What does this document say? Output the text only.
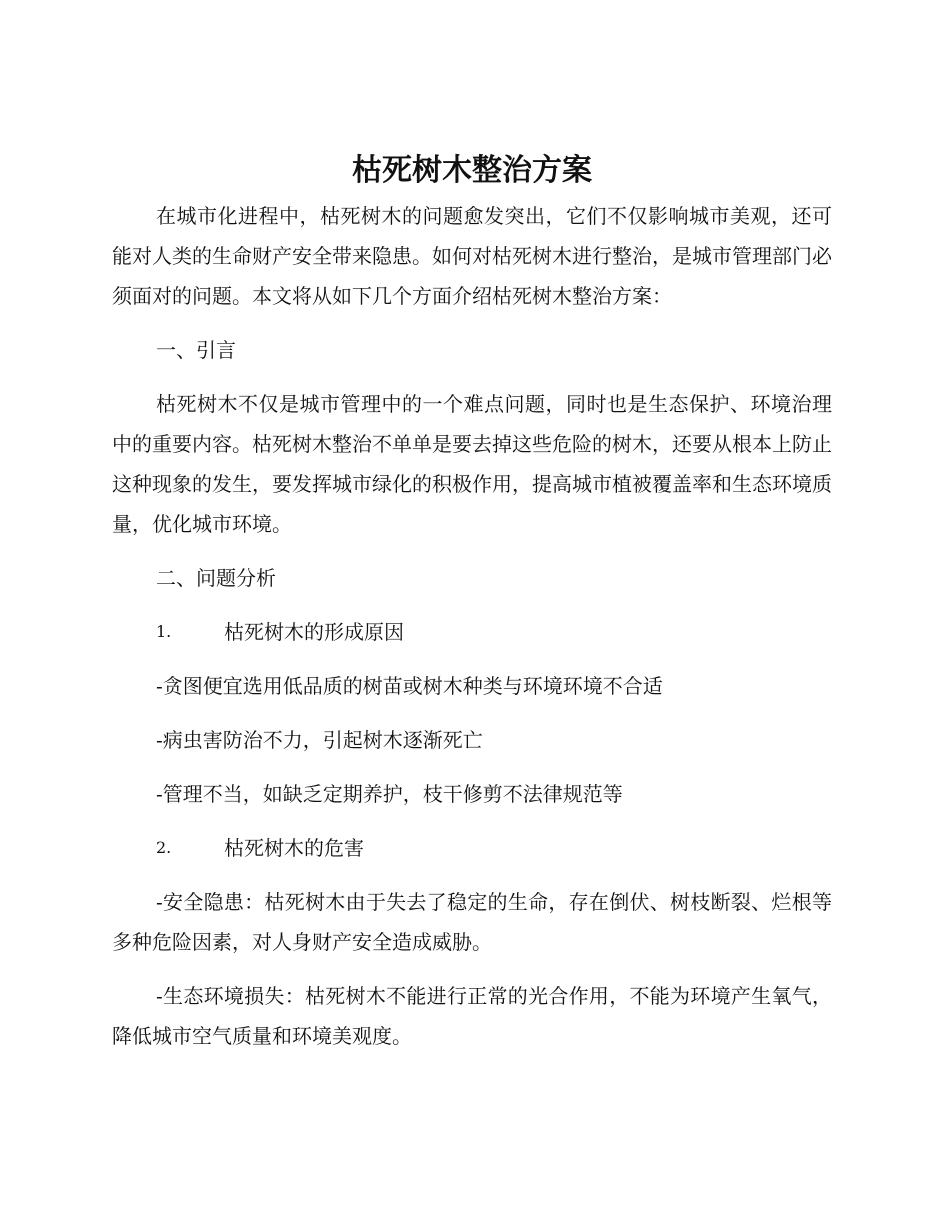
枯死树木整治方案

在城市化进程中，枯死树木的问题愈发突出，它们不仅影响城市美观，还可能对人类的生命财产安全带来隐患。如何对枯死树木进行整治，是城市管理部门必须面对的问题。本文将从如下几个方面介绍枯死树木整治方案：

一、引言

枯死树木不仅是城市管理中的一个难点问题，同时也是生态保护、环境治理中的重要内容。枯死树木整治不单单是要去掉这些危险的树木，还要从根本上防止这种现象的发生，要发挥城市绿化的积极作用，提高城市植被覆盖率和生态环境质量，优化城市环境。

二、问题分析
1.	枯死树木的形成原因

-贪图便宜选用低品质的树苗或树木种类与环境环境不合适

-病虫害防治不力，引起树木逐渐死亡

-管理不当，如缺乏定期养护，枝干修剪不法律规范等

2.	枯死树木的危害

-安全隐患：枯死树木由于失去了稳定的生命，存在倒伏、树枝断裂、烂根等多种危险因素，对人身财产安全造成威胁。

-生态环境损失：枯死树木不能进行正常的光合作用，不能为环境产生氧气，降低城市空气质量和环境美观度。
